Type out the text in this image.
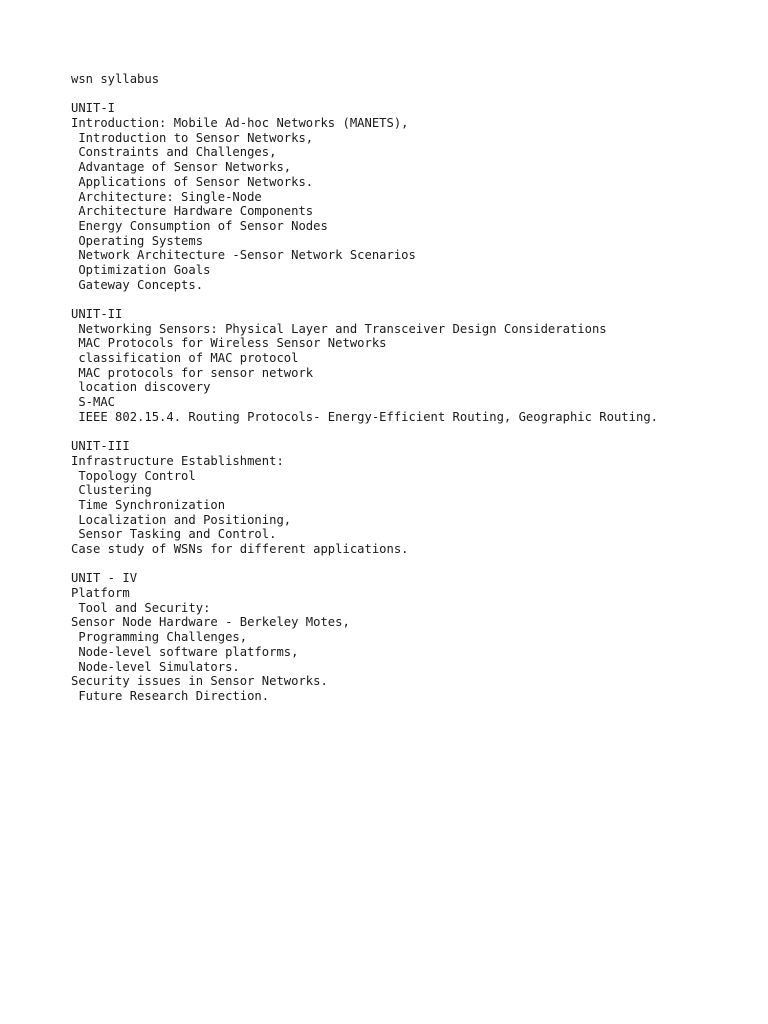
wsn syllabus
UNIT-I
Introduction: Mobile Ad-hoc Networks (MANETS),
Introduction to Sensor Networks,
Constraints and Challenges,
Advantage of Sensor Networks,
Applications of Sensor Networks.
Architecture: Single-Node
Architecture Hardware Components
Energy Consumption of Sensor Nodes
Operating Systems
Network Architecture -Sensor Network Scenarios
Optimization Goals
Gateway Concepts.
UNIT-II
Networking Sensors: Physical Layer and Transceiver Design Considerations
MAC Protocols for Wireless Sensor Networks
classification of MAC protocol
MAC protocols for sensor network
location discovery
S-MAC
IEEE 802.15.4. Routing Protocols- Energy-Efficient Routing, Geographic Routing.
UNIT-III
Infrastructure Establishment:
Topology Control
Clustering
Time Synchronization
Localization and Positioning,
Sensor Tasking and Control.
Case study of WSNs for different applications.
UNIT - IV
Platform
Tool and Security:
Sensor Node Hardware - Berkeley Motes,
Programming Challenges,
Node-level software platforms,
Node-level Simulators.
Security issues in Sensor Networks.
Future Research Direction.
